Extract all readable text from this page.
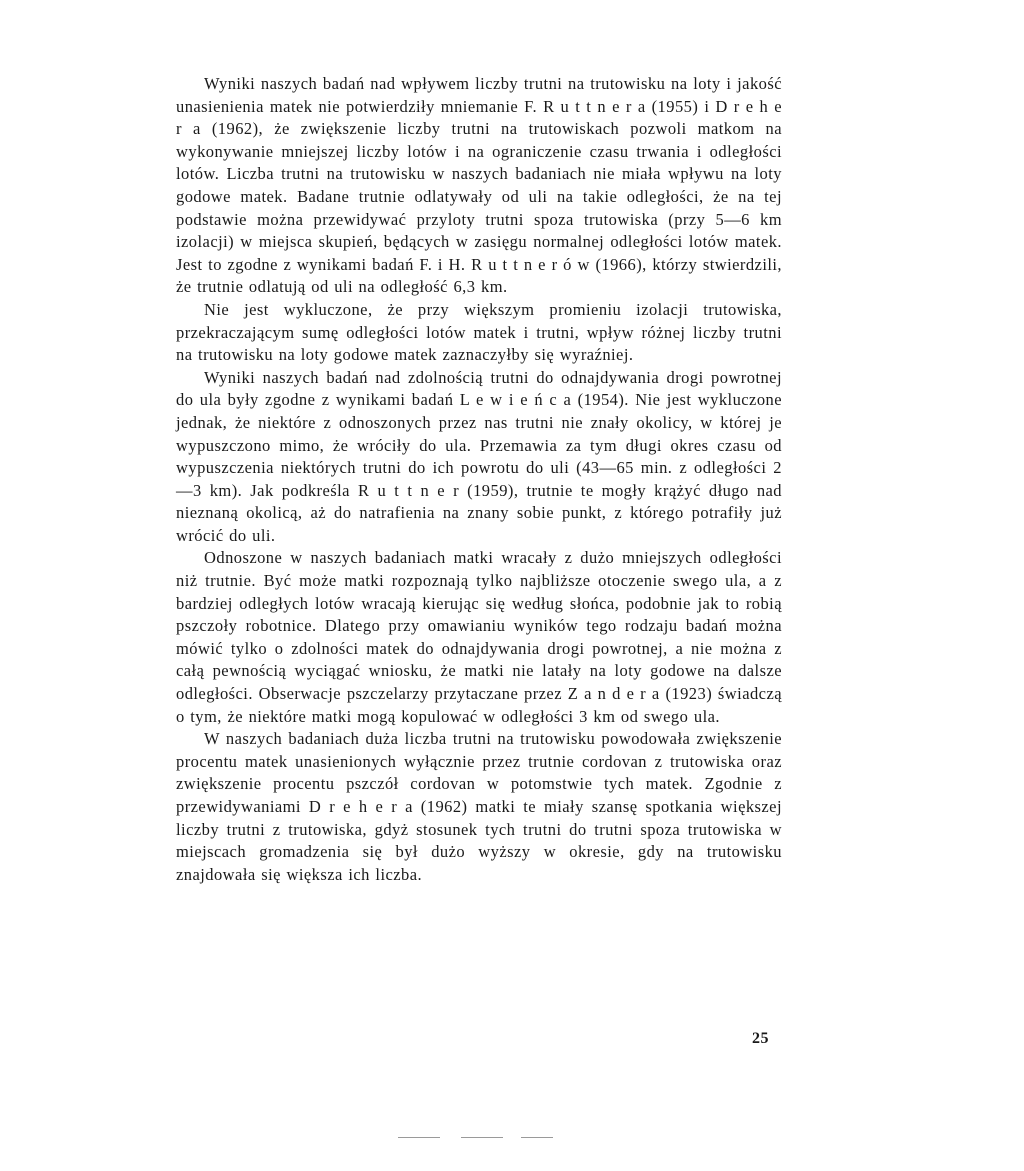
Wyniki naszych badań nad wpływem liczby trutni na trutowisku na loty i jakość unasienienia matek nie potwierdziły mniemanie F. R u t t n e r a (1955) i D r e h e r a (1962), że zwiększenie liczby trutni na trutowiskach pozwoli matkom na wykonywanie mniejszej liczby lotów i na ograniczenie czasu trwania i odległości lotów. Liczba trutni na trutowisku w naszych badaniach nie miała wpływu na loty godowe matek. Badane trutnie odlatywały od uli na takie odległości, że na tej podstawie można przewidywać przyloty trutni spoza trutowiska (przy 5—6 km izolacji) w miejsca skupień, będących w zasięgu normalnej odległości lotów matek. Jest to zgodne z wynikami badań F. i H. R u t t n e r ó w (1966), którzy stwierdzili, że trutnie odlatują od uli na odległość 6,3 km.

Nie jest wykluczone, że przy większym promieniu izolacji trutowiska, przekraczającym sumę odległości lotów matek i trutni, wpływ różnej liczby trutni na trutowisku na loty godowe matek zaznaczyłby się wyraźniej.

Wyniki naszych badań nad zdolnością trutni do odnajdywania drogi powrotnej do ula były zgodne z wynikami badań L e w i e ń c a (1954). Nie jest wykluczone jednak, że niektóre z odnoszonych przez nas trutni nie znały okolicy, w której je wypuszczono mimo, że wróciły do ula. Przemawia za tym długi okres czasu od wypuszczenia niektórych trutni do ich powrotu do uli (43—65 min. z odległości 2—3 km). Jak podkreśla R u t t n e r (1959), trutnie te mogły krążyć długo nad nieznaną okolicą, aż do natrafienia na znany sobie punkt, z którego potrafiły już wrócić do uli.

Odnoszone w naszych badaniach matki wracały z dużo mniejszych odległości niż trutnie. Być może matki rozpoznają tylko najbliższe otoczenie swego ula, a z bardziej odległych lotów wracają kierując się według słońca, podobnie jak to robią pszczoły robotnice. Dlatego przy omawianiu wyników tego rodzaju badań można mówić tylko o zdolności matek do odnajdywania drogi powrotnej, a nie można z całą pewnością wyciągać wniosku, że matki nie latały na loty godowe na dalsze odległości. Obserwacje pszczelarzy przytaczane przez Z a n d e r a (1923) świadczą o tym, że niektóre matki mogą kopulować w odległości 3 km od swego ula.

W naszych badaniach duża liczba trutni na trutowisku powodowała zwiększenie procentu matek unasienionych wyłącznie przez trutnie cordovan z trutowiska oraz zwiększenie procentu pszczół cordovan w potomstwie tych matek. Zgodnie z przewidywaniami D r e h e r a (1962) matki te miały szansę spotkania większej liczby trutni z trutowiska, gdyż stosunek tych trutni do trutni spoza trutowiska w miejscach gromadzenia się był dużo wyższy w okresie, gdy na trutowisku znajdowała się większa ich liczba.

25
